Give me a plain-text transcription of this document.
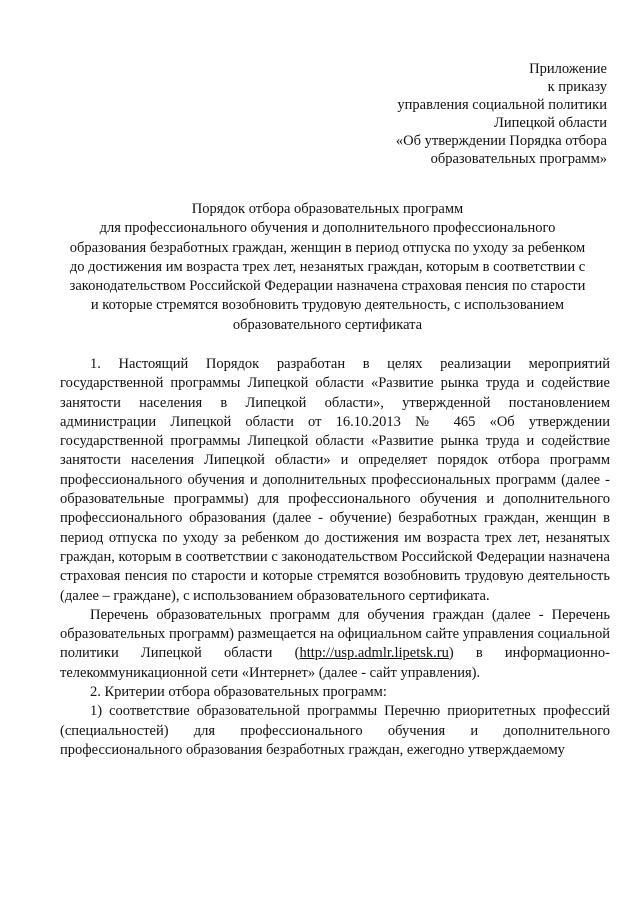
Приложение
к приказу
управления социальной политики
Липецкой области
«Об утверждении Порядка отбора
образовательных программ»
Порядок отбора образовательных программ
для профессионального обучения и дополнительного профессионального
образования безработных граждан, женщин в период отпуска по уходу за ребенком
до достижения им возраста трех лет, незанятых граждан, которым в соответствии с
законодательством Российской Федерации назначена страховая пенсия по старости
и которые стремятся возобновить трудовую деятельность, с использованием
образовательного сертификата

1. Настоящий Порядок разработан в целях реализации мероприятий государственной программы Липецкой области «Развитие рынка труда и содействие занятости населения в Липецкой области», утвержденной постановлением администрации Липецкой области от 16.10.2013 № 465 «Об утверждении государственной программы Липецкой области «Развитие рынка труда и содействие занятости населения Липецкой области» и определяет порядок отбора программ профессионального обучения и дополнительных профессиональных программ (далее - образовательные программы) для профессионального обучения и дополнительного профессионального образования (далее - обучение) безработных граждан, женщин в период отпуска по уходу за ребенком до достижения им возраста трех лет, незанятых граждан, которым в соответствии с законодательством Российской Федерации назначена страховая пенсия по старости и которые стремятся возобновить трудовую деятельность (далее – граждане), с использованием образовательного сертификата.

Перечень образовательных программ для обучения граждан (далее - Перечень образовательных программ) размещается на официальном сайте управления социальной политики Липецкой области (http://usp.admlr.lipetsk.ru) в информационно-телекоммуникационной сети «Интернет» (далее - сайт управления).

2. Критерии отбора образовательных программ:

1) соответствие образовательной программы Перечню приоритетных профессий (специальностей) для профессионального обучения и дополнительного профессионального образования безработных граждан, ежегодно утверждаемому
